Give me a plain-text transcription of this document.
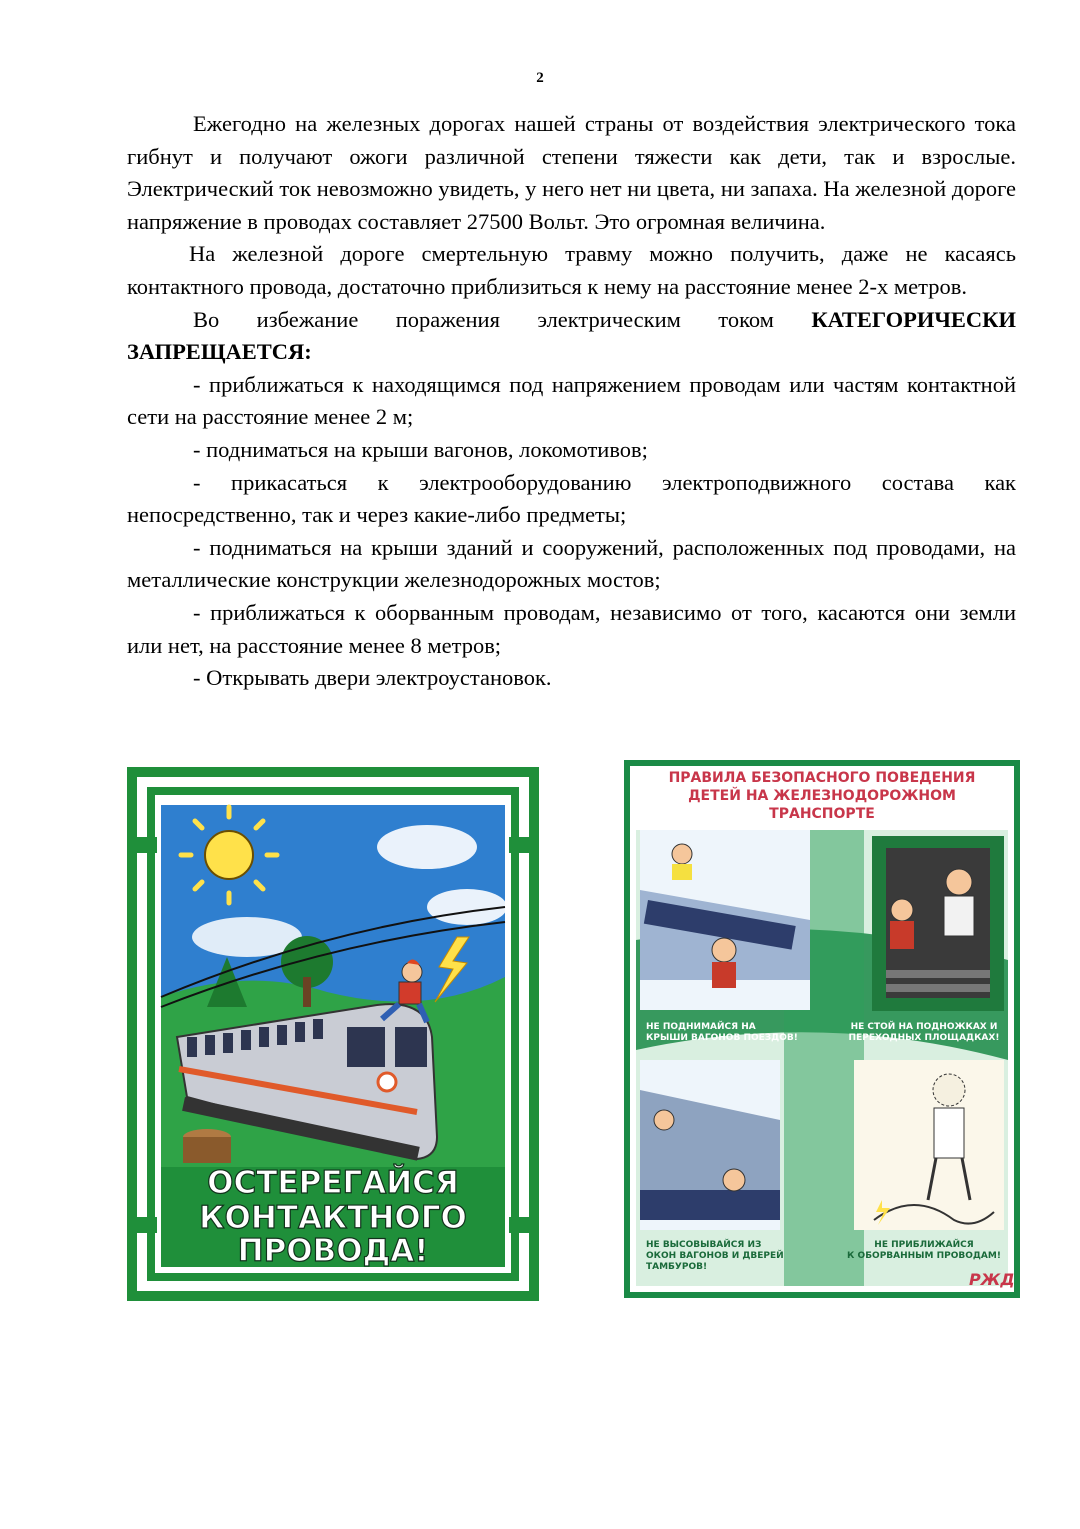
2

Ежегодно на железных дорогах нашей страны от воздействия электрического тока гибнут и получают ожоги различной степени тяжести как дети, так и взрослые. Электрический ток невозможно увидеть, у него нет ни цвета, ни запаха. На железной дороге напряжение в проводах составляет 27500 Вольт. Это огромная величина.

На железной дороге смертельную травму можно получить, даже не касаясь контактного провода, достаточно приблизиться к нему на расстояние менее 2-х метров.

Во избежание поражения электрическим током КАТЕГОРИЧЕСКИ ЗАПРЕЩАЕТСЯ:

- приближаться к находящимся под напряжением проводам или частям контактной сети на расстояние менее 2 м;

- подниматься на крыши вагонов, локомотивов;

- прикасаться к электрооборудованию электроподвижного состава как непосредственно, так и через какие-либо предметы;

- подниматься на крыши зданий и сооружений, расположенных под проводами, на металлические конструкции железнодорожных мостов;

- приближаться к оборванным проводам, независимо от того, касаются они земли или нет, на расстояние менее 8 метров;

- Открывать двери электроустановок.

ОСТЕРЕГАЙСЯ
КОНТАКТНОГО
ПРОВОДА!
ПРАВИЛА БЕЗОПАСНОГО ПОВЕДЕНИЯ
ДЕТЕЙ НА ЖЕЛЕЗНОДОРОЖНОМ
ТРАНСПОРТЕ
НЕ ПОДНИМАЙСЯ НА
КРЫШИ ВАГОНОВ ПОЕЗДОВ!
НЕ СТОЙ НА ПОДНОЖКАХ И
ПЕРЕХОДНЫХ ПЛОЩАДКАХ!
НЕ ВЫСОВЫВАЙСЯ ИЗ
ОКОН ВАГОНОВ И ДВЕРЕЙ
ТАМБУРОВ!
НЕ ПРИБЛИЖАЙСЯ
К ОБОРВАННЫМ ПРОВОДАМ!
РЖД
